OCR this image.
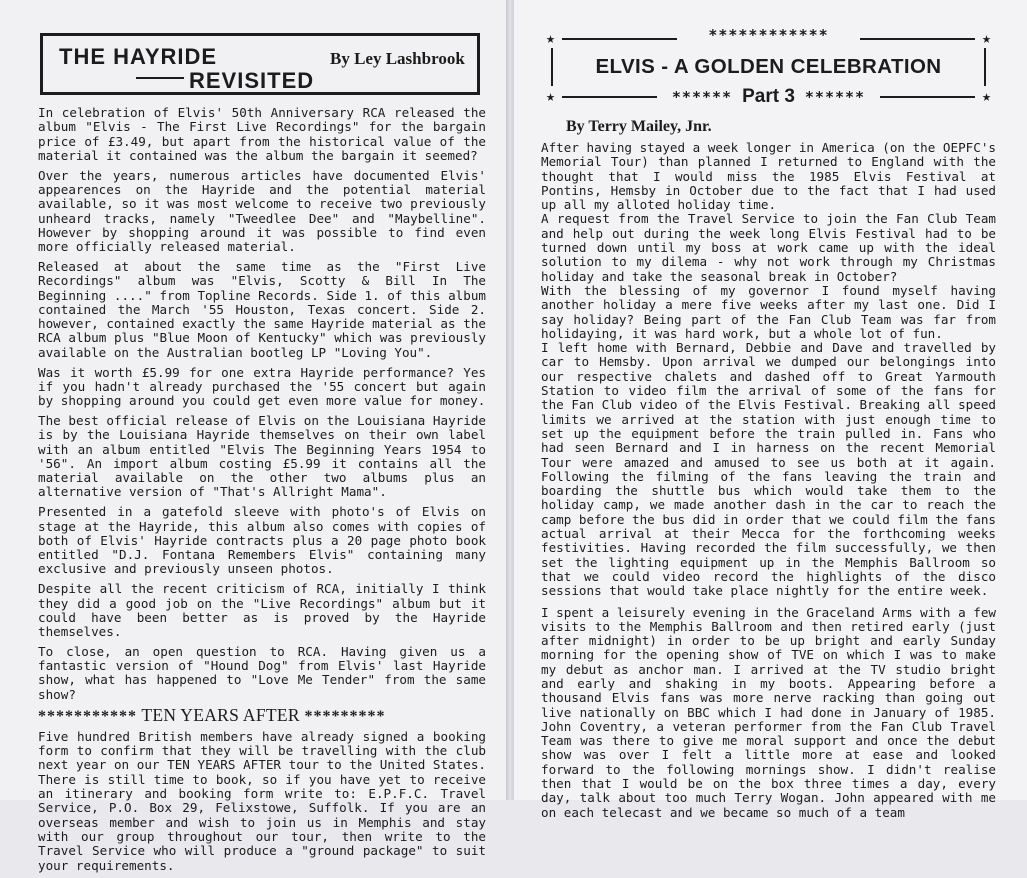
THE HAYRIDE
REVISITED
By Ley Lashbrook

In celebration of Elvis' 50th Anniversary RCA released the album "Elvis - The First Live Recordings" for the bargain price of £3.49, but apart from the historical value of the material it contained was the album the bargain it seemed?

Over the years, numerous articles have documented Elvis' appearences on the Hayride and the potential material available, so it was most welcome to receive two previously unheard tracks, namely "Tweedlee Dee" and "Maybelline". However by shopping around it was possible to find even more officially released material.

Released at about the same time as the "First Live Recordings" album was "Elvis, Scotty & Bill In The Beginning ...." from Topline Records. Side 1. of this album contained the March '55 Houston, Texas concert. Side 2. however, contained exactly the same Hayride material as the RCA album plus "Blue Moon of Kentucky" which was previously available on the Australian bootleg LP "Loving You".

Was it worth £5.99 for one extra Hayride performance? Yes if you hadn't already purchased the '55 concert but again by shopping around you could get even more value for money.

The best official release of Elvis on the Louisiana Hayride is by the Louisiana Hayride themselves on their own label with an album entitled "Elvis The Beginning Years 1954 to '56". An import album costing £5.99 it contains all the material available on the other two albums plus an alternative version of "That's Allright Mama".

Presented in a gatefold sleeve with photo's of Elvis on stage at the Hayride, this album also comes with copies of both of Elvis' Hayride contracts plus a 20 page photo book entitled "D.J. Fontana Remembers Elvis" containing many exclusive and previously unseen photos.

Despite all the recent criticism of RCA, initially I think they did a good job on the "Live Recordings" album but it could have been better as is proved by the Hayride themselves.

To close, an open question to RCA. Having given us a fantastic version of "Hound Dog" from Elvis' last Hayride show, what has happened to "Love Me Tender" from the same show?

*********** TEN YEARS AFTER *********

Five hundred British members have already signed a booking form to confirm that they will be travelling with the club next year on our TEN YEARS AFTER tour to the United States. There is still time to book, so if you have yet to receive an itinerary and booking form write to: E.P.F.C. Travel Service, P.O. Box 29, Felixstowe, Suffolk. If you are an overseas member and wish to join us in Memphis and stay with our group throughout our tour, then write to the Travel Service who will produce a "ground package" to suit your requirements.

★	★
★	★
************
ELVIS - A GOLDEN CELEBRATION
****** Part 3 ******
By Terry Mailey, Jnr.

After having stayed a week longer in America (on the OEPFC's Memorial Tour) than planned I returned to England with the thought that I would miss the 1985 Elvis Festival at Pontins, Hemsby in October due to the fact that I had used up all my alloted holiday time.

A request from the Travel Service to join the Fan Club Team and help out during the week long Elvis Festival had to be turned down until my boss at work came up with the ideal solution to my dilema - why not work through my Christmas holiday and take the seasonal break in October?

With the blessing of my governor I found myself having another holiday a mere five weeks after my last one. Did I say holiday? Being part of the Fan Club Team was far from holidaying, it was hard work, but a whole lot of fun.

I left home with Bernard, Debbie and Dave and travelled by car to Hemsby. Upon arrival we dumped our belongings into our respective chalets and dashed off to Great Yarmouth Station to video film the arrival of some of the fans for the Fan Club video of the Elvis Festival. Breaking all speed limits we arrived at the station with just enough time to set up the equipment before the train pulled in. Fans who had seen Bernard and I in harness on the recent Memorial Tour were amazed and amused to see us both at it again. Following the filming of the fans leaving the train and boarding the shuttle bus which would take them to the holiday camp, we made another dash in the car to reach the camp before the bus did in order that we could film the fans actual arrival at their Mecca for the forthcoming weeks festivities. Having recorded the film successfully, we then set the lighting equipment up in the Memphis Ballroom so that we could video record the highlights of the disco sessions that would take place nightly for the entire week.

I spent a leisurely evening in the Graceland Arms with a few visits to the Memphis Ballroom and then retired early (just after midnight) in order to be up bright and early Sunday morning for the opening show of TVE on which I was to make my debut as anchor man. I arrived at the TV studio bright and early and shaking in my boots. Appearing before a thousand Elvis fans was more nerve racking than going out live nationally on BBC which I had done in January of 1985. John Coventry, a veteran performer from the Fan Club Travel Team was there to give me moral support and once the debut show was over I felt a little more at ease and looked forward to the following mornings show. I didn't realise then that I would be on the box three times a day, every day, talk about too much Terry Wogan. John appeared with me on each telecast and we became so much of a team
